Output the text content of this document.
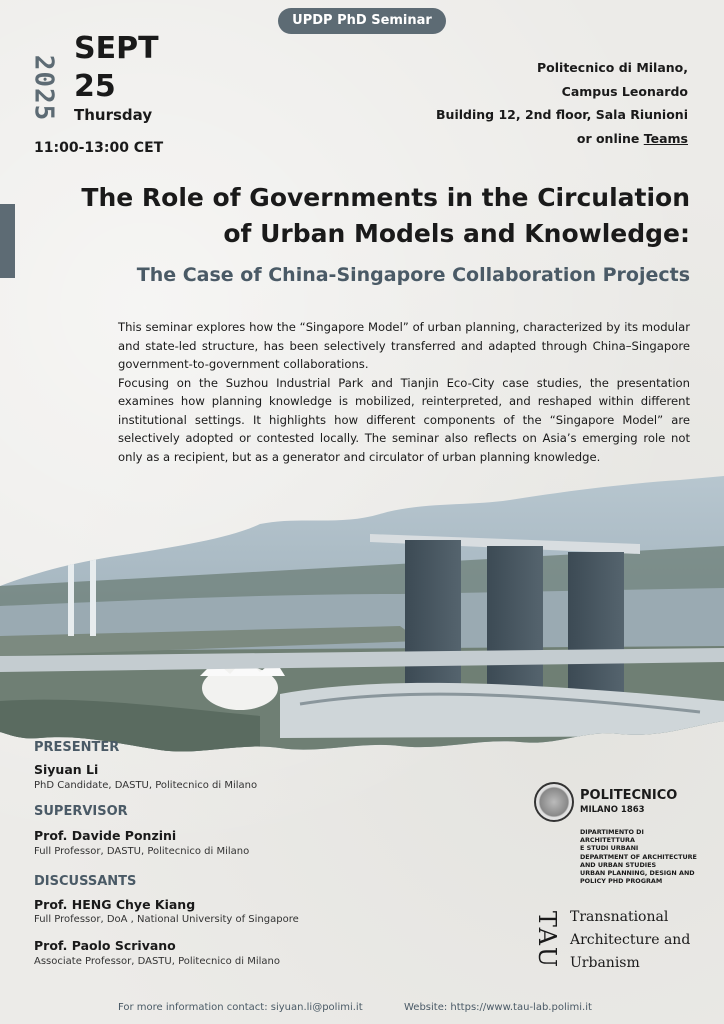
UPDP PhD Seminar
2025
SEPT
25
Thursday
11:00-13:00 CET
Politecnico di Milano,
Campus Leonardo
Building 12, 2nd floor, Sala Riunioni
or online Teams
The Role of Governments in the Circulation
of Urban Models and Knowledge:
The Case of China-Singapore Collaboration Projects

This seminar explores how the “Singapore Model” of urban planning, characterized by its modular and state-led structure, has been selectively transferred and adapted through China–Singapore government-to-government collaborations.

Focusing on the Suzhou Industrial Park and Tianjin Eco-City case studies, the presentation examines how planning knowledge is mobilized, reinterpreted, and reshaped within different institutional settings. It highlights how different components of the “Singapore Model” are selectively adopted or contested locally. The seminar also reflects on Asia’s emerging role not only as a recipient, but as a generator and circulator of urban planning knowledge.

PRESENTER
Siyuan Li
PhD Candidate, DASTU, Politecnico di Milano
SUPERVISOR
Prof. Davide Ponzini
Full Professor, DASTU, Politecnico di Milano
DISCUSSANTS
Prof. HENG Chye Kiang
Full Professor, DoA , National University of Singapore
Prof. Paolo Scrivano
Associate Professor, DASTU, Politecnico di Milano
POLITECNICO
MILANO 1863
DIPARTIMENTO DI ARCHITETTURA
E STUDI URBANI
DEPARTMENT OF ARCHITECTURE
AND URBAN STUDIES
URBAN PLANNING, DESIGN AND
POLICY PHD PROGRAM
TAU Transnational
Architecture and
Urbanism
For more information contact: siyuan.li@polimi.it	Website: https://www.tau-lab.polimi.it
